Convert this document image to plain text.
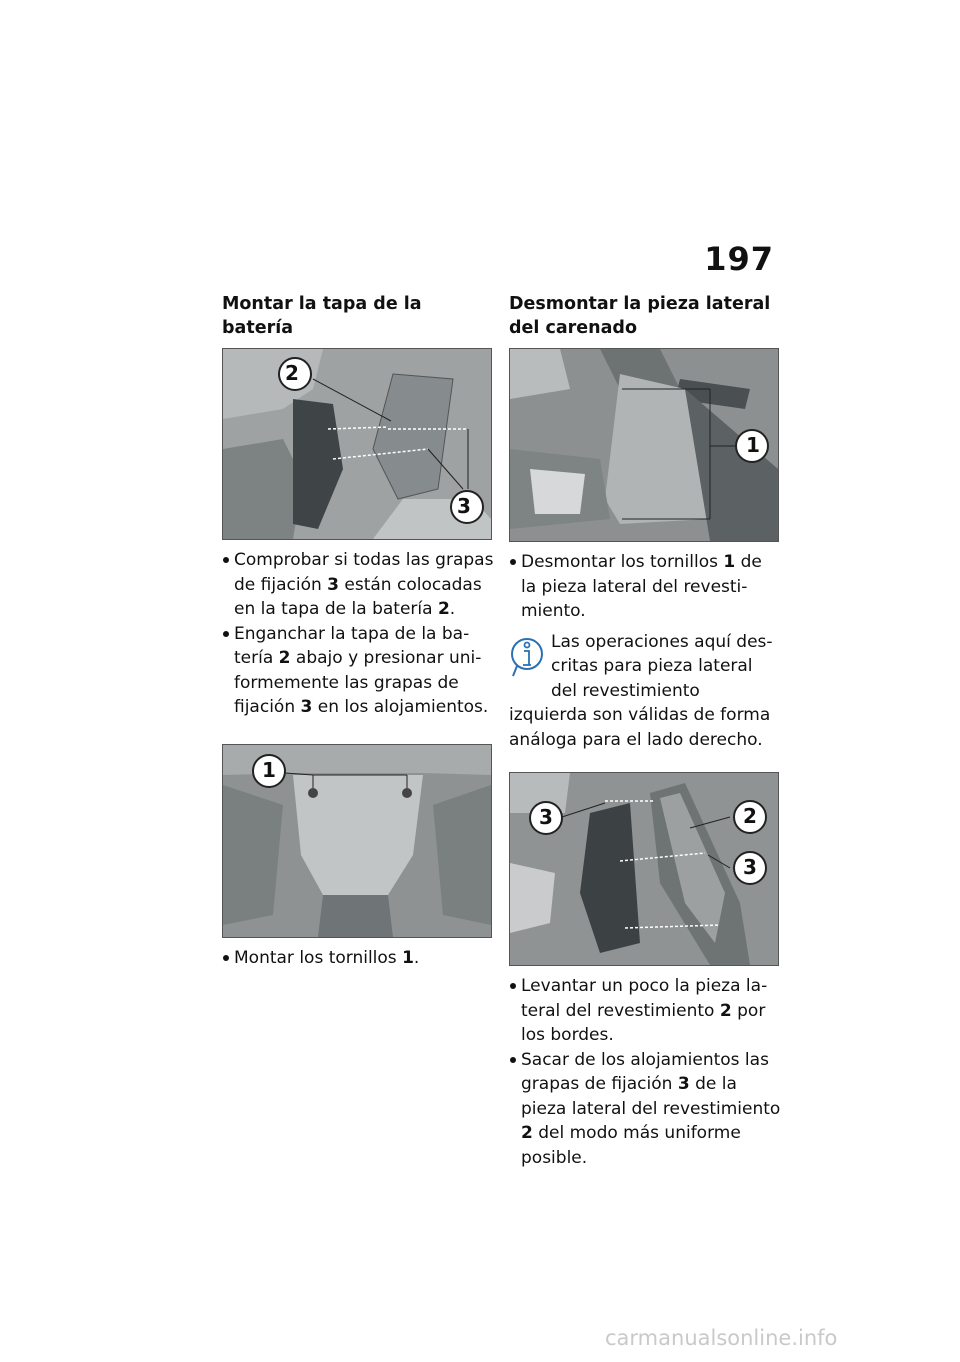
197
Montar la tapa de la batería
2
3
Comprobar si todas las grapas de fijación 3 están colocadas en la tapa de la batería 2.
Enganchar la tapa de la batería 2 abajo y presionar uniformemente las grapas de fijación 3 en los alojamientos.
1
Montar los tornillos 1.
Desmontar la pieza lateral del carenado
1
Desmontar los tornillos 1 de la pieza lateral del revestimiento.
Las operaciones aquí descritas para pieza lateral del revestimiento izquierda son válidas de forma análoga para el lado derecho.
3	2
3
Levantar un poco la pieza lateral del revestimiento 2 por los bordes.
Sacar de los alojamientos las grapas de fijación 3 de la pieza lateral del revestimiento 2 del modo más uniforme posible.
carmanualsonline.info
